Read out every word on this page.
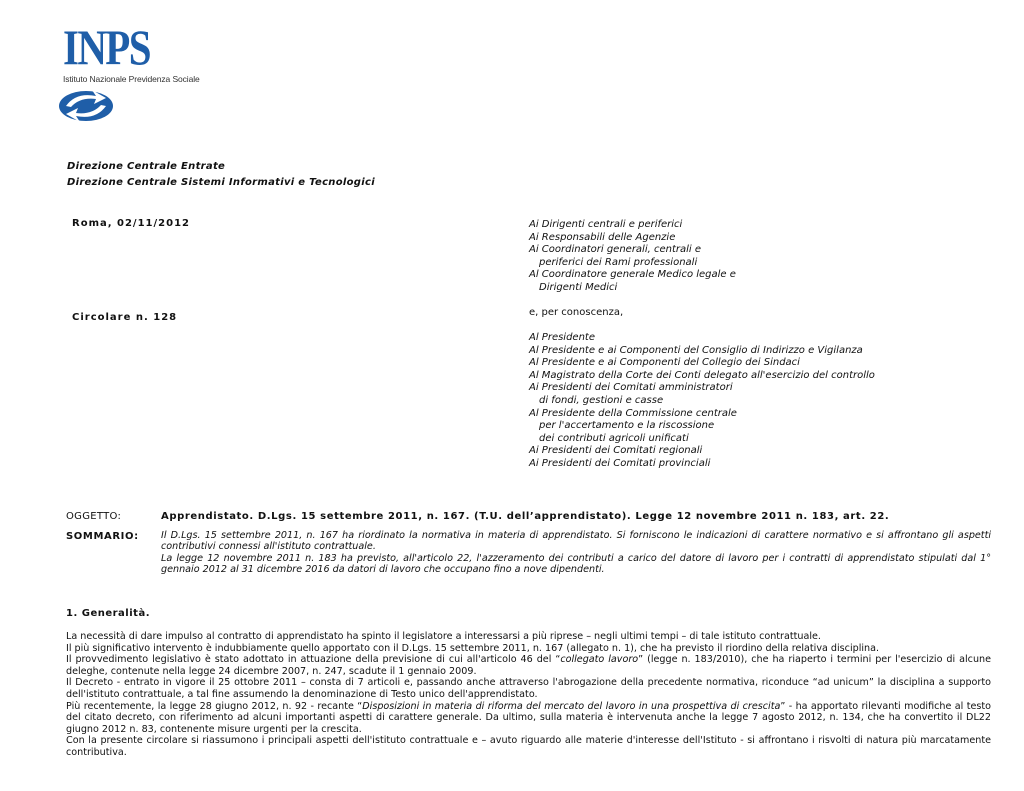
INPS
Istituto Nazionale Previdenza Sociale
Direzione Centrale Entrate
Direzione Centrale Sistemi Informativi e Tecnologici
Roma, 02/11/2012
Circolare n. 128
Ai Dirigenti centrali e periferici
Ai Responsabili delle Agenzie
Ai Coordinatori generali, centrali e
periferici dei Rami professionali
Al Coordinatore generale Medico legale e
Dirigenti Medici
e, per conoscenza,
Al Presidente
Al Presidente e ai Componenti del Consiglio di Indirizzo e Vigilanza
Al Presidente e ai Componenti del Collegio dei Sindaci
Al Magistrato della Corte dei Conti delegato all'esercizio del controllo
Ai Presidenti dei Comitati amministratori
di fondi, gestioni e casse
Al Presidente della Commissione centrale
per l'accertamento e la riscossione
dei contributi agricoli unificati
Ai Presidenti dei Comitati regionali
Ai Presidenti dei Comitati provinciali
OGGETTO:	Apprendistato. D.Lgs. 15 settembre 2011, n. 167. (T.U. dell’apprendistato). Legge 12 novembre 2011 n. 183, art. 22.
SOMMARIO: Il D.Lgs. 15 settembre 2011, n. 167 ha riordinato la normativa in materia di apprendistato. Si forniscono le indicazioni di carattere normativo e si affrontano gli aspetti contributivi connessi all'istituto contrattuale.

La legge 12 novembre 2011 n. 183 ha previsto, all'articolo 22, l'azzeramento dei contributi a carico del datore di lavoro per i contratti di apprendistato stipulati dal 1° gennaio 2012 al 31 dicembre 2016 da datori di lavoro che occupano fino a nove dipendenti.

1. Generalità.

La necessità di dare impulso al contratto di apprendistato ha spinto il legislatore a interessarsi a più riprese – negli ultimi tempi – di tale istituto contrattuale.

Il più significativo intervento è indubbiamente quello apportato con il D.Lgs. 15 settembre 2011, n. 167 (allegato n. 1), che ha previsto il riordino della relativa disciplina.

Il provvedimento legislativo è stato adottato in attuazione della previsione di cui all'articolo 46 del “collegato lavoro” (legge n. 183/2010), che ha riaperto i termini per l'esercizio di alcune deleghe, contenute nella legge 24 dicembre 2007, n. 247, scadute il 1 gennaio 2009.

Il Decreto - entrato in vigore il 25 ottobre 2011 – consta di 7 articoli e, passando anche attraverso l'abrogazione della precedente normativa, riconduce “ad unicum” la disciplina a supporto dell'istituto contrattuale, a tal fine assumendo la denominazione di Testo unico dell'apprendistato.

Più recentemente, la legge 28 giugno 2012, n. 92 - recante “Disposizioni in materia di riforma del mercato del lavoro in una prospettiva di crescita” - ha apportato rilevanti modifiche al testo del citato decreto, con riferimento ad alcuni importanti aspetti di carattere generale. Da ultimo, sulla materia è intervenuta anche la legge 7 agosto 2012, n. 134, che ha convertito il DL22 giugno 2012 n. 83, contenente misure urgenti per la crescita.

Con la presente circolare si riassumono i principali aspetti dell'istituto contrattuale e – avuto riguardo alle materie d'interesse dell'Istituto - si affrontano i risvolti di natura più marcatamente contributiva.
